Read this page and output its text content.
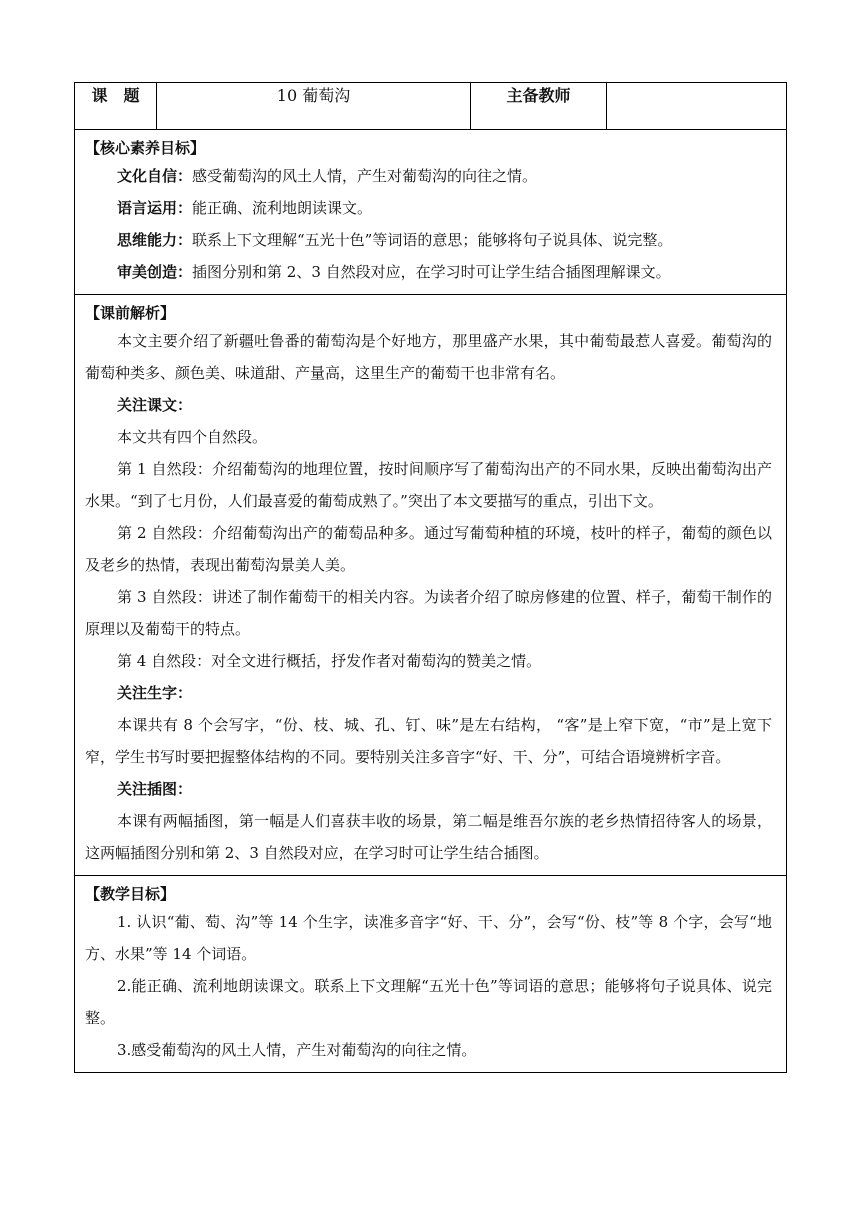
课　题	10 葡萄沟	主备教师	

【核心素养目标】

文化自信：感受葡萄沟的风土人情，产生对葡萄沟的向往之情。

语言运用：能正确、流利地朗读课文。

思维能力：联系上下文理解“五光十色”等词语的意思；能够将句子说具体、说完整。

审美创造：插图分别和第 2、3 自然段对应，在学习时可让学生结合插图理解课文。

【课前解析】

本文主要介绍了新疆吐鲁番的葡萄沟是个好地方，那里盛产水果，其中葡萄最惹人喜爱。葡萄沟的葡萄种类多、颜色美、味道甜、产量高，这里生产的葡萄干也非常有名。

关注课文：

本文共有四个自然段。

第 1 自然段：介绍葡萄沟的地理位置，按时间顺序写了葡萄沟出产的不同水果，反映出葡萄沟出产水果。“到了七月份，人们最喜爱的葡萄成熟了。”突出了本文要描写的重点，引出下文。

第 2 自然段：介绍葡萄沟出产的葡萄品种多。通过写葡萄种植的环境，枝叶的样子，葡萄的颜色以及老乡的热情，表现出葡萄沟景美人美。

第 3 自然段：讲述了制作葡萄干的相关内容。为读者介绍了晾房修建的位置、样子，葡萄干制作的原理以及葡萄干的特点。

第 4 自然段：对全文进行概括，抒发作者对葡萄沟的赞美之情。

关注生字：

本课共有 8 个会写字，“份、枝、城、孔、钉、味”是左右结构， “客”是上窄下宽，“市”是上宽下窄，学生书写时要把握整体结构的不同。要特别关注多音字“好、干、分”，可结合语境辨析字音。

关注插图：

本课有两幅插图，第一幅是人们喜获丰收的场景，第二幅是维吾尔族的老乡热情招待客人的场景，这两幅插图分别和第 2、3 自然段对应，在学习时可让学生结合插图。

【教学目标】

1. 认识“葡、萄、沟”等 14 个生字，读准多音字“好、干、分”，会写“份、枝”等 8 个字，会写“地方、水果”等 14 个词语。

2.能正确、流利地朗读课文。联系上下文理解“五光十色”等词语的意思；能够将句子说具体、说完整。

3.感受葡萄沟的风土人情，产生对葡萄沟的向往之情。
